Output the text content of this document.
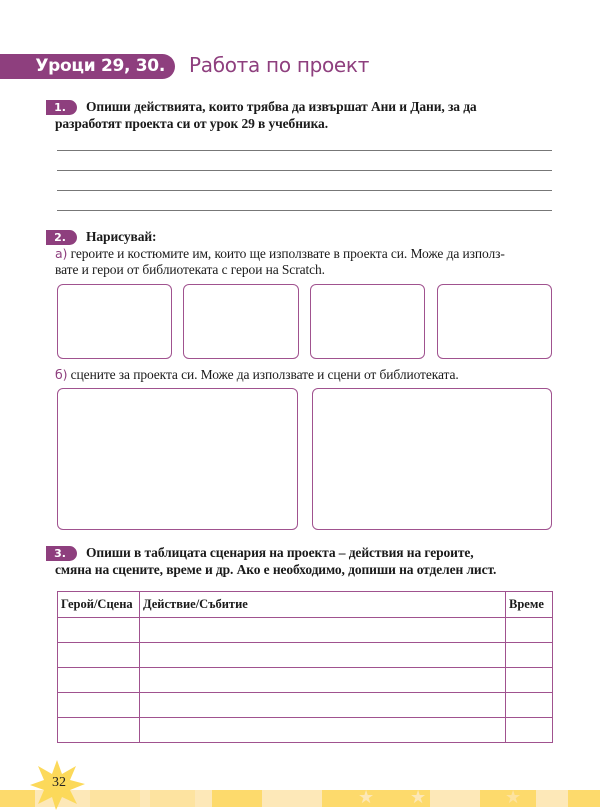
Уроци 29, 30.	Работа по проект
1.	Опиши действията, които трябва да извършат Ани и Дани, за да
разработят проекта си от урок 29 в учебника.
2.	Нарисувай:
а) героите и костюмите им, които ще използвате в проекта си. Може да използ-
вате и герои от библиотеката с герои на Scratch.
б) сцените за проекта си. Може да използвате и сцени от библиотеката.
3.	Опиши в таблицата сценария на проекта – действия на героите,
смяна на сцените, време и др. Ако е необходимо, допиши на отделен лист.
Герой/Сцена	Действие/Събитие	Време

★ ★	★
32
